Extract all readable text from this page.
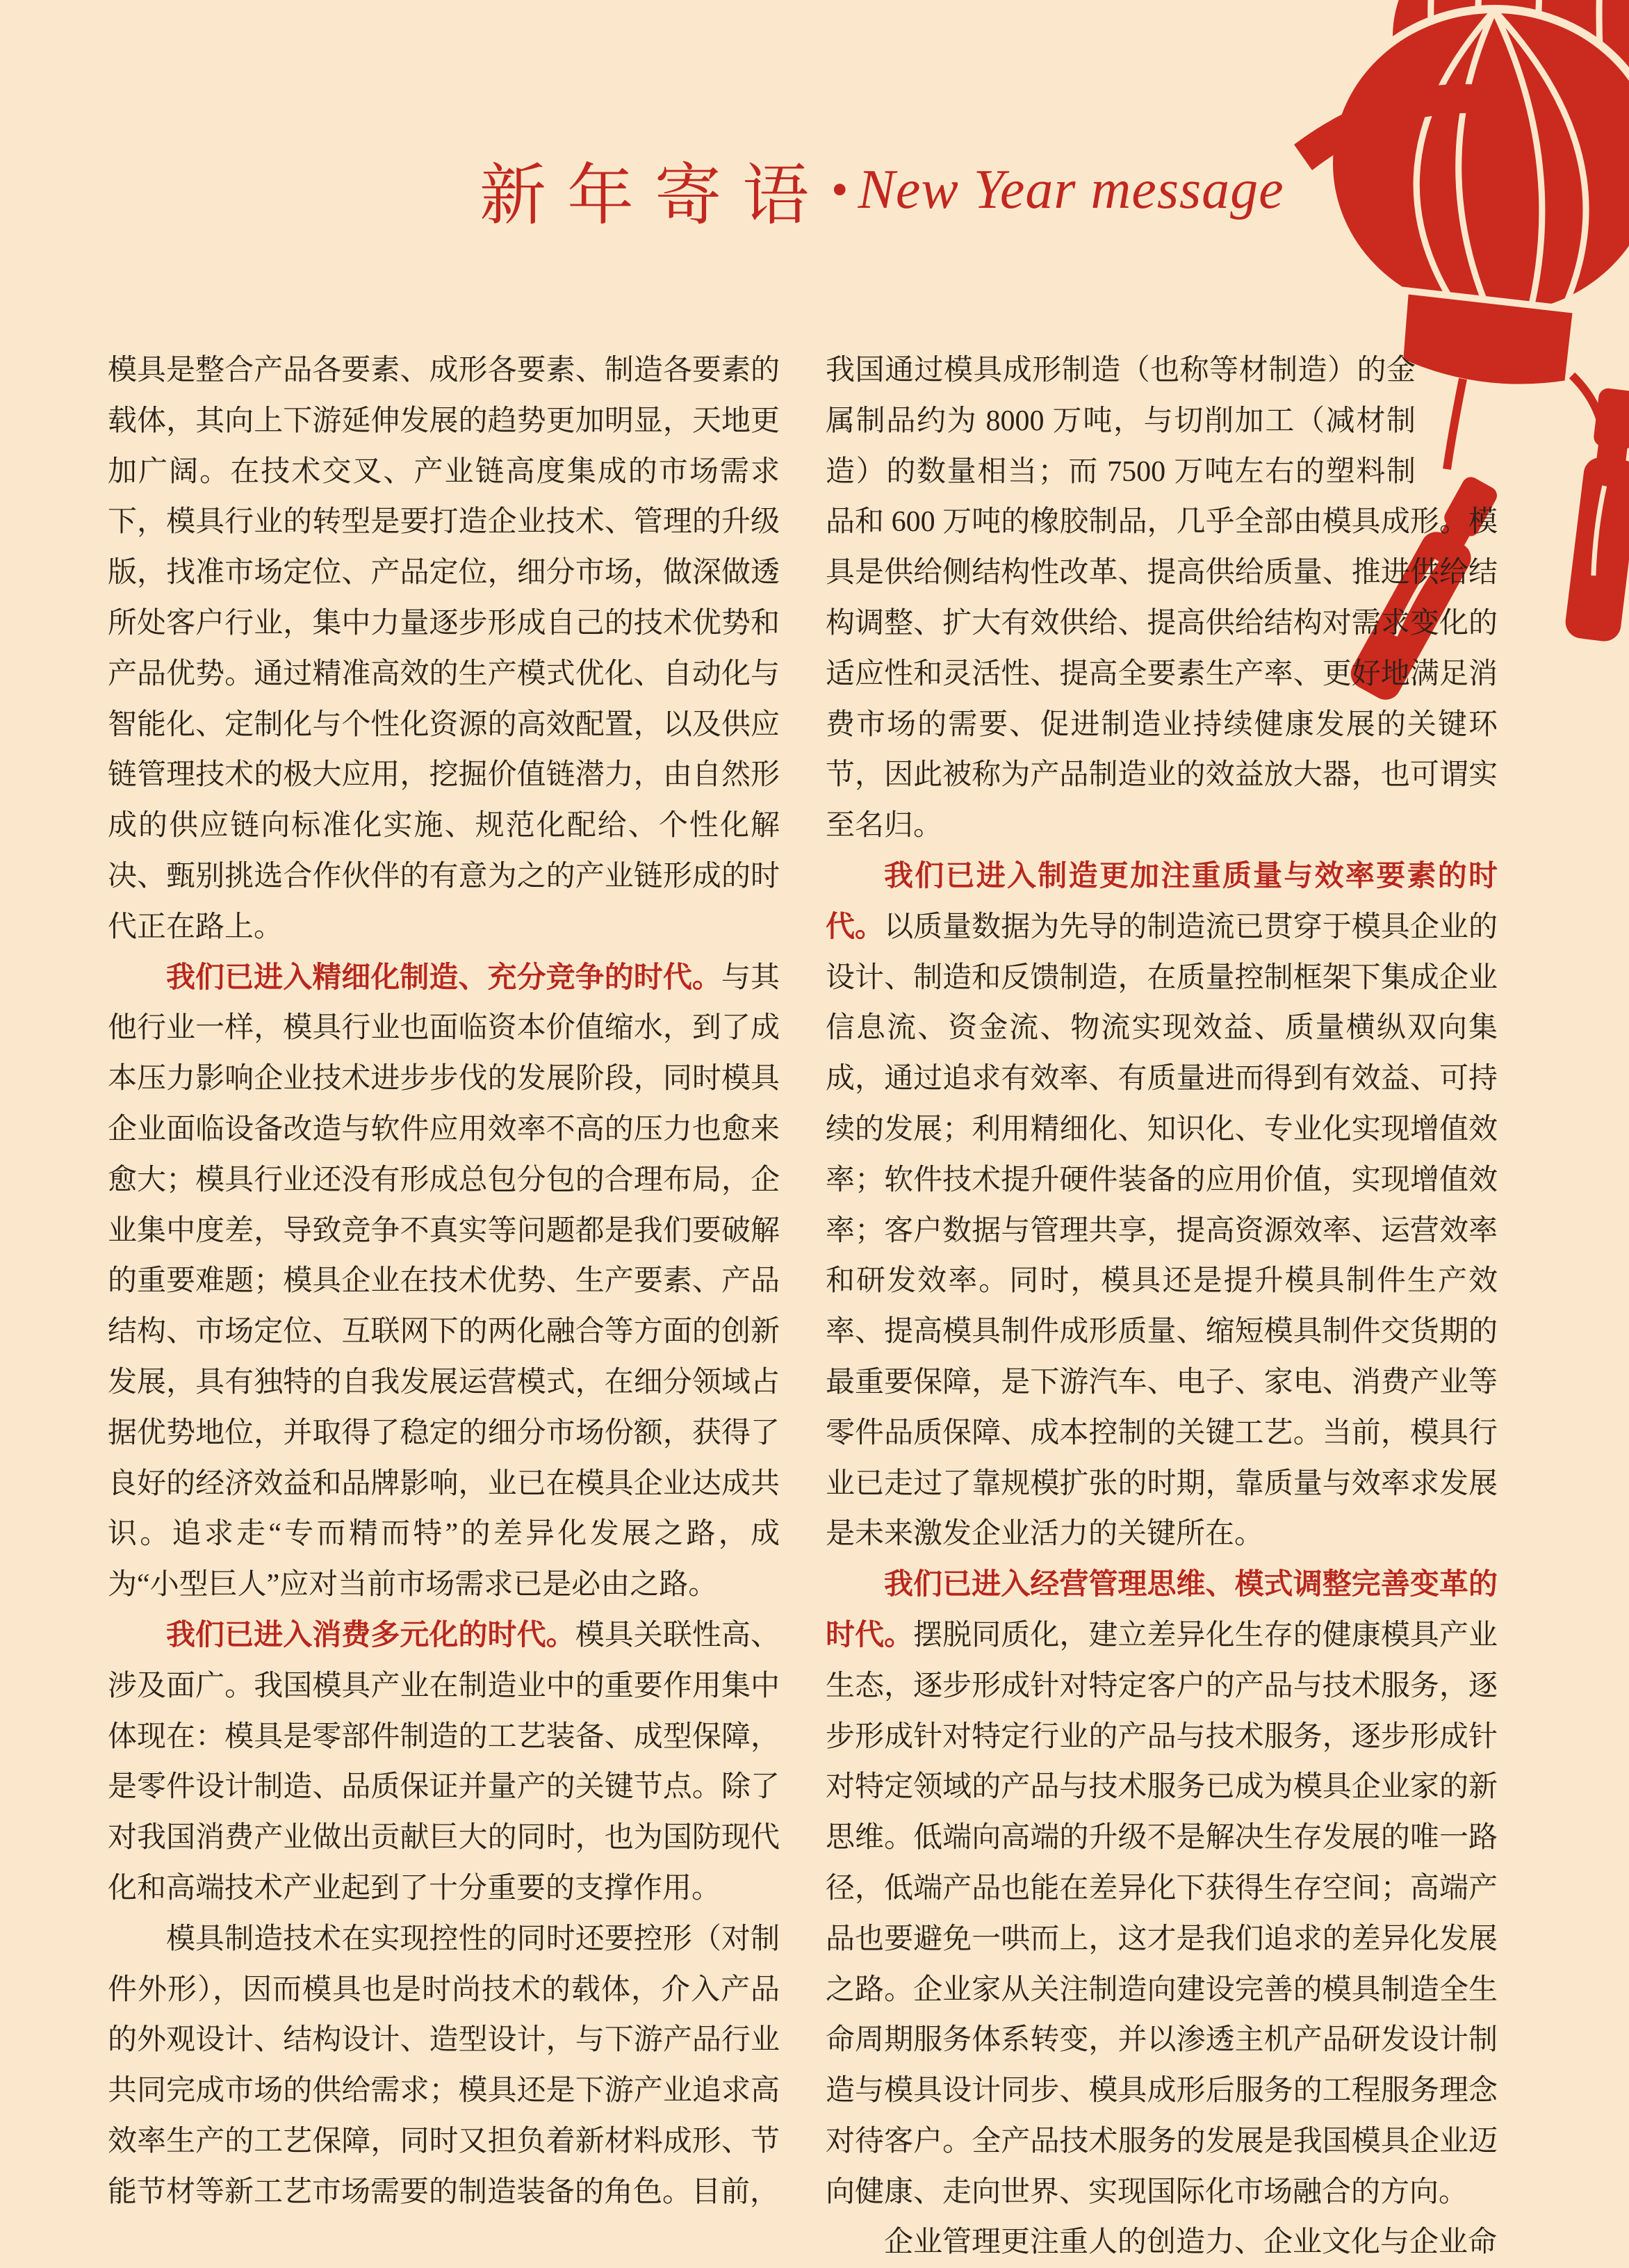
新年寄语 • New Year message

模具是整合产品各要素、成形各要素、制造各要素的载体，其向上下游延伸发展的趋势更加明显，天地更加广阔。在技术交叉、产业链高度集成的市场需求下，模具行业的转型是要打造企业技术、管理的升级版，找准市场定位、产品定位，细分市场，做深做透所处客户行业，集中力量逐步形成自己的技术优势和产品优势。通过精准高效的生产模式优化、自动化与智能化、定制化与个性化资源的高效配置，以及供应链管理技术的极大应用，挖掘价值链潜力，由自然形成的供应链向标准化实施、规范化配给、个性化解决、甄别挑选合作伙伴的有意为之的产业链形成的时代正在路上。

我们已进入精细化制造、充分竞争的时代。与其他行业一样，模具行业也面临资本价值缩水，到了成本压力影响企业技术进步步伐的发展阶段，同时模具企业面临设备改造与软件应用效率不高的压力也愈来愈大；模具行业还没有形成总包分包的合理布局，企业集中度差，导致竞争不真实等问题都是我们要破解的重要难题；模具企业在技术优势、生产要素、产品结构、市场定位、互联网下的两化融合等方面的创新发展，具有独特的自我发展运营模式，在细分领域占据优势地位，并取得了稳定的细分市场份额，获得了良好的经济效益和品牌影响，业已在模具企业达成共识。追求走“专而精而特”的差异化发展之路，成为“小型巨人”应对当前市场需求已是必由之路。

我们已进入消费多元化的时代。模具关联性高、涉及面广。我国模具产业在制造业中的重要作用集中体现在：模具是零部件制造的工艺装备、成型保障，是零件设计制造、品质保证并量产的关键节点。除了对我国消费产业做出贡献巨大的同时，也为国防现代化和高端技术产业起到了十分重要的支撑作用。

模具制造技术在实现控性的同时还要控形（对制件外形），因而模具也是时尚技术的载体，介入产品的外观设计、结构设计、造型设计，与下游产品行业共同完成市场的供给需求；模具还是下游产业追求高效率生产的工艺保障，同时又担负着新材料成形、节能节材等新工艺市场需要的制造装备的角色。目前，

我国通过模具成形制造（也称等材制造）的金属制品约为 8000 万吨，与切削加工（减材制造）的数量相当；而 7500 万吨左右的塑料制品和 600 万吨的橡胶制品，几乎全部由模具成形。模具是供给侧结构性改革、提高供给质量、推进供给结构调整、扩大有效供给、提高供给结构对需求变化的适应性和灵活性、提高全要素生产率、更好地满足消费市场的需要、促进制造业持续健康发展的关键环节，因此被称为产品制造业的效益放大器，也可谓实至名归。

我们已进入制造更加注重质量与效率要素的时代。以质量数据为先导的制造流已贯穿于模具企业的设计、制造和反馈制造，在质量控制框架下集成企业信息流、资金流、物流实现效益、质量横纵双向集成，通过追求有效率、有质量进而得到有效益、可持续的发展；利用精细化、知识化、专业化实现增值效率；软件技术提升硬件装备的应用价值，实现增值效率；客户数据与管理共享，提高资源效率、运营效率和研发效率。同时，模具还是提升模具制件生产效率、提高模具制件成形质量、缩短模具制件交货期的最重要保障，是下游汽车、电子、家电、消费产业等零件品质保障、成本控制的关键工艺。当前，模具行业已走过了靠规模扩张的时期，靠质量与效率求发展是未来激发企业活力的关键所在。

我们已进入经营管理思维、模式调整完善变革的时代。摆脱同质化，建立差异化生存的健康模具产业生态，逐步形成针对特定客户的产品与技术服务，逐步形成针对特定行业的产品与技术服务，逐步形成针对特定领域的产品与技术服务已成为模具企业家的新思维。低端向高端的升级不是解决生存发展的唯一路径，低端产品也能在差异化下获得生存空间；高端产品也要避免一哄而上，这才是我们追求的差异化发展之路。企业家从关注制造向建设完善的模具制造全生命周期服务体系转变，并以渗透主机产品研发设计制造与模具设计同步、模具成形后服务的工程服务理念对待客户。全产品技术服务的发展是我国模具企业迈向健康、走向世界、实现国际化市场融合的方向。

企业管理更注重人的创造力、企业文化与企业命
